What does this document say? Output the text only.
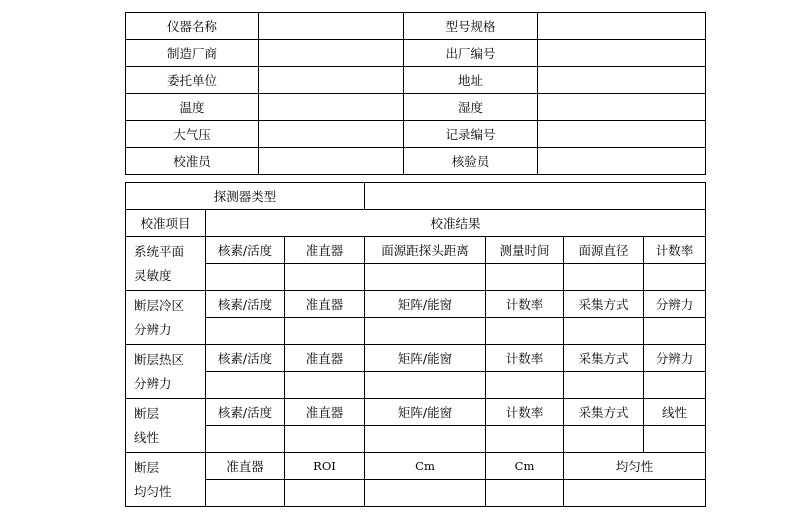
仪器名称		型号规格	
制造厂商		出厂编号	
委托单位		地址	
温度		湿度	
大气压		记录编号	
校准员		核验员	
探测器类型						
校准项目	校准结果					
系统平面
灵敏度	核素/活度	准直器	面源距探头距离	测量时间	面源直径	计数率

断层冷区
分辨力	核素/活度	准直器	矩阵/能窗	计数率	采集方式	分辨力

断层热区
分辨力	核素/活度	准直器	矩阵/能窗	计数率	采集方式	分辨力

断层
线性	核素/活度	准直器	矩阵/能窗	计数率	采集方式	线性

断层
均匀性	准直器	ROI	Cm	Cm	均匀性	
